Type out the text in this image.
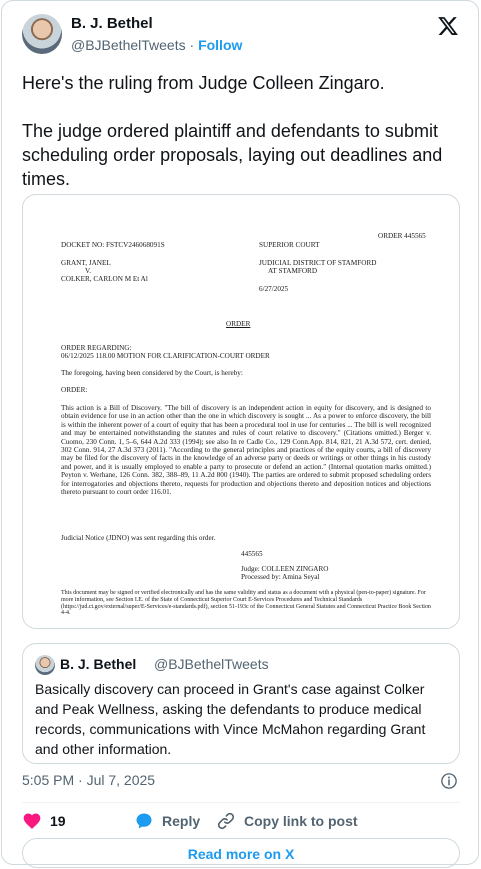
B. J. Bethel
@BJBethelTweets · Follow

Here's the ruling from Judge Colleen Zingaro.

The judge ordered plaintiff and defendants to submit scheduling order proposals, laying out deadlines and times.

ORDER 445565
DOCKET NO: FSTCV246068091S	SUPERIOR COURT
GRANT, JANEL
V.
COLKER, CARLON M Et Al
JUDICIAL DISTRICT OF STAMFORD
AT STAMFORD
6/27/2025
ORDER
ORDER REGARDING:
06/12/2025 118.00 MOTION FOR CLARIFICATION-COURT ORDER
The foregoing, having been considered by the Court, is hereby:
ORDER:
This action is a Bill of Discovery. "The bill of discovery is an independent action in equity for discovery, and is designed to obtain evidence for use in an action other than the one in which discovery is sought ... As a power to enforce discovery, the bill is within the inherent power of a court of equity that has been a procedural tool in use for centuries ... The bill is well recognized and may be entertained notwithstanding the statutes and rules of court relative to discovery." (Citations omitted.) Berger v. Cuomo, 230 Conn. 1, 5–6, 644 A.2d 333 (1994); see also In re Cadle Co., 129 Conn.App. 814, 821, 21 A.3d 572, cert. denied, 302 Conn. 914, 27 A.3d 373 (2011). "According to the general principles and practices of the equity courts, a bill of discovery may be filed for the discovery of facts in the knowledge of an adverse party or deeds or writings or other things in his custody and power, and it is usually employed to enable a party to prosecute or defend an action." (Internal quotation marks omitted.) Peyton v. Werhane, 126 Conn. 382, 388–89, 11 A.2d 800 (1940). The parties are ordered to submit proposed scheduling orders for interrogatories and objections thereto, requests for production and objections thereto and deposition notices and objections thereto pursuant to court order 116.01.
Judicial Notice (JDNO) was sent regarding this order.
445565
Judge: COLLEEN ZINGARO
Processed by: Amina Seyal
This document may be signed or verified electronically and has the same validity and status as a document with a physical (pen-to-paper) signature. For more information, see Section I.E. of the State of Connecticut Superior Court E-Services Procedures and Technical Standards (https://jud.ct.gov/external/super/E-Services/e-standards.pdf), section 51-193c of the Connecticut General Statutes and Connecticut Practice Book Section 4-4.
B. J. Bethel @BJBethelTweets
Basically discovery can proceed in Grant's case against Colker and Peak Wellness, asking the defendants to produce medical records, communications with Vince McMahon regarding Grant and other information.
5:05 PM · Jul 7, 2025
19	Reply	Copy link to post
Read more on X
